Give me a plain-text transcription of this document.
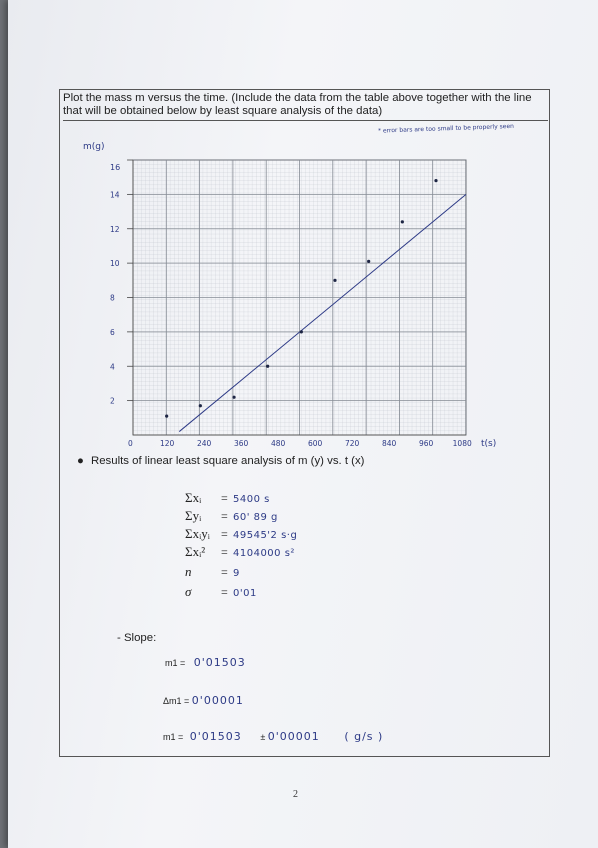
Plot the mass m versus the time. (Include the data from the table above together with the line that will be obtained below by least square analysis of the data)
* error bars are too small to be properly seen
m(g)
t(s)
16
0	120	240	360	480	600	720	840	960	1080
2
4
6
8
10
12
14
● Results of linear least square analysis of m (y) vs. t (x)
Σxᵢ = 5400 s
Σyᵢ = 60' 89 g
Σxᵢyᵢ = 49545'2 s·g
Σxᵢ² = 4104000 s²
n = 9
σ = 0'01
- Slope:
m1 = 0'01503
Δm1 = 0'00001
m1 = 0'01503 ± 0'00001 ( g/s )
2
